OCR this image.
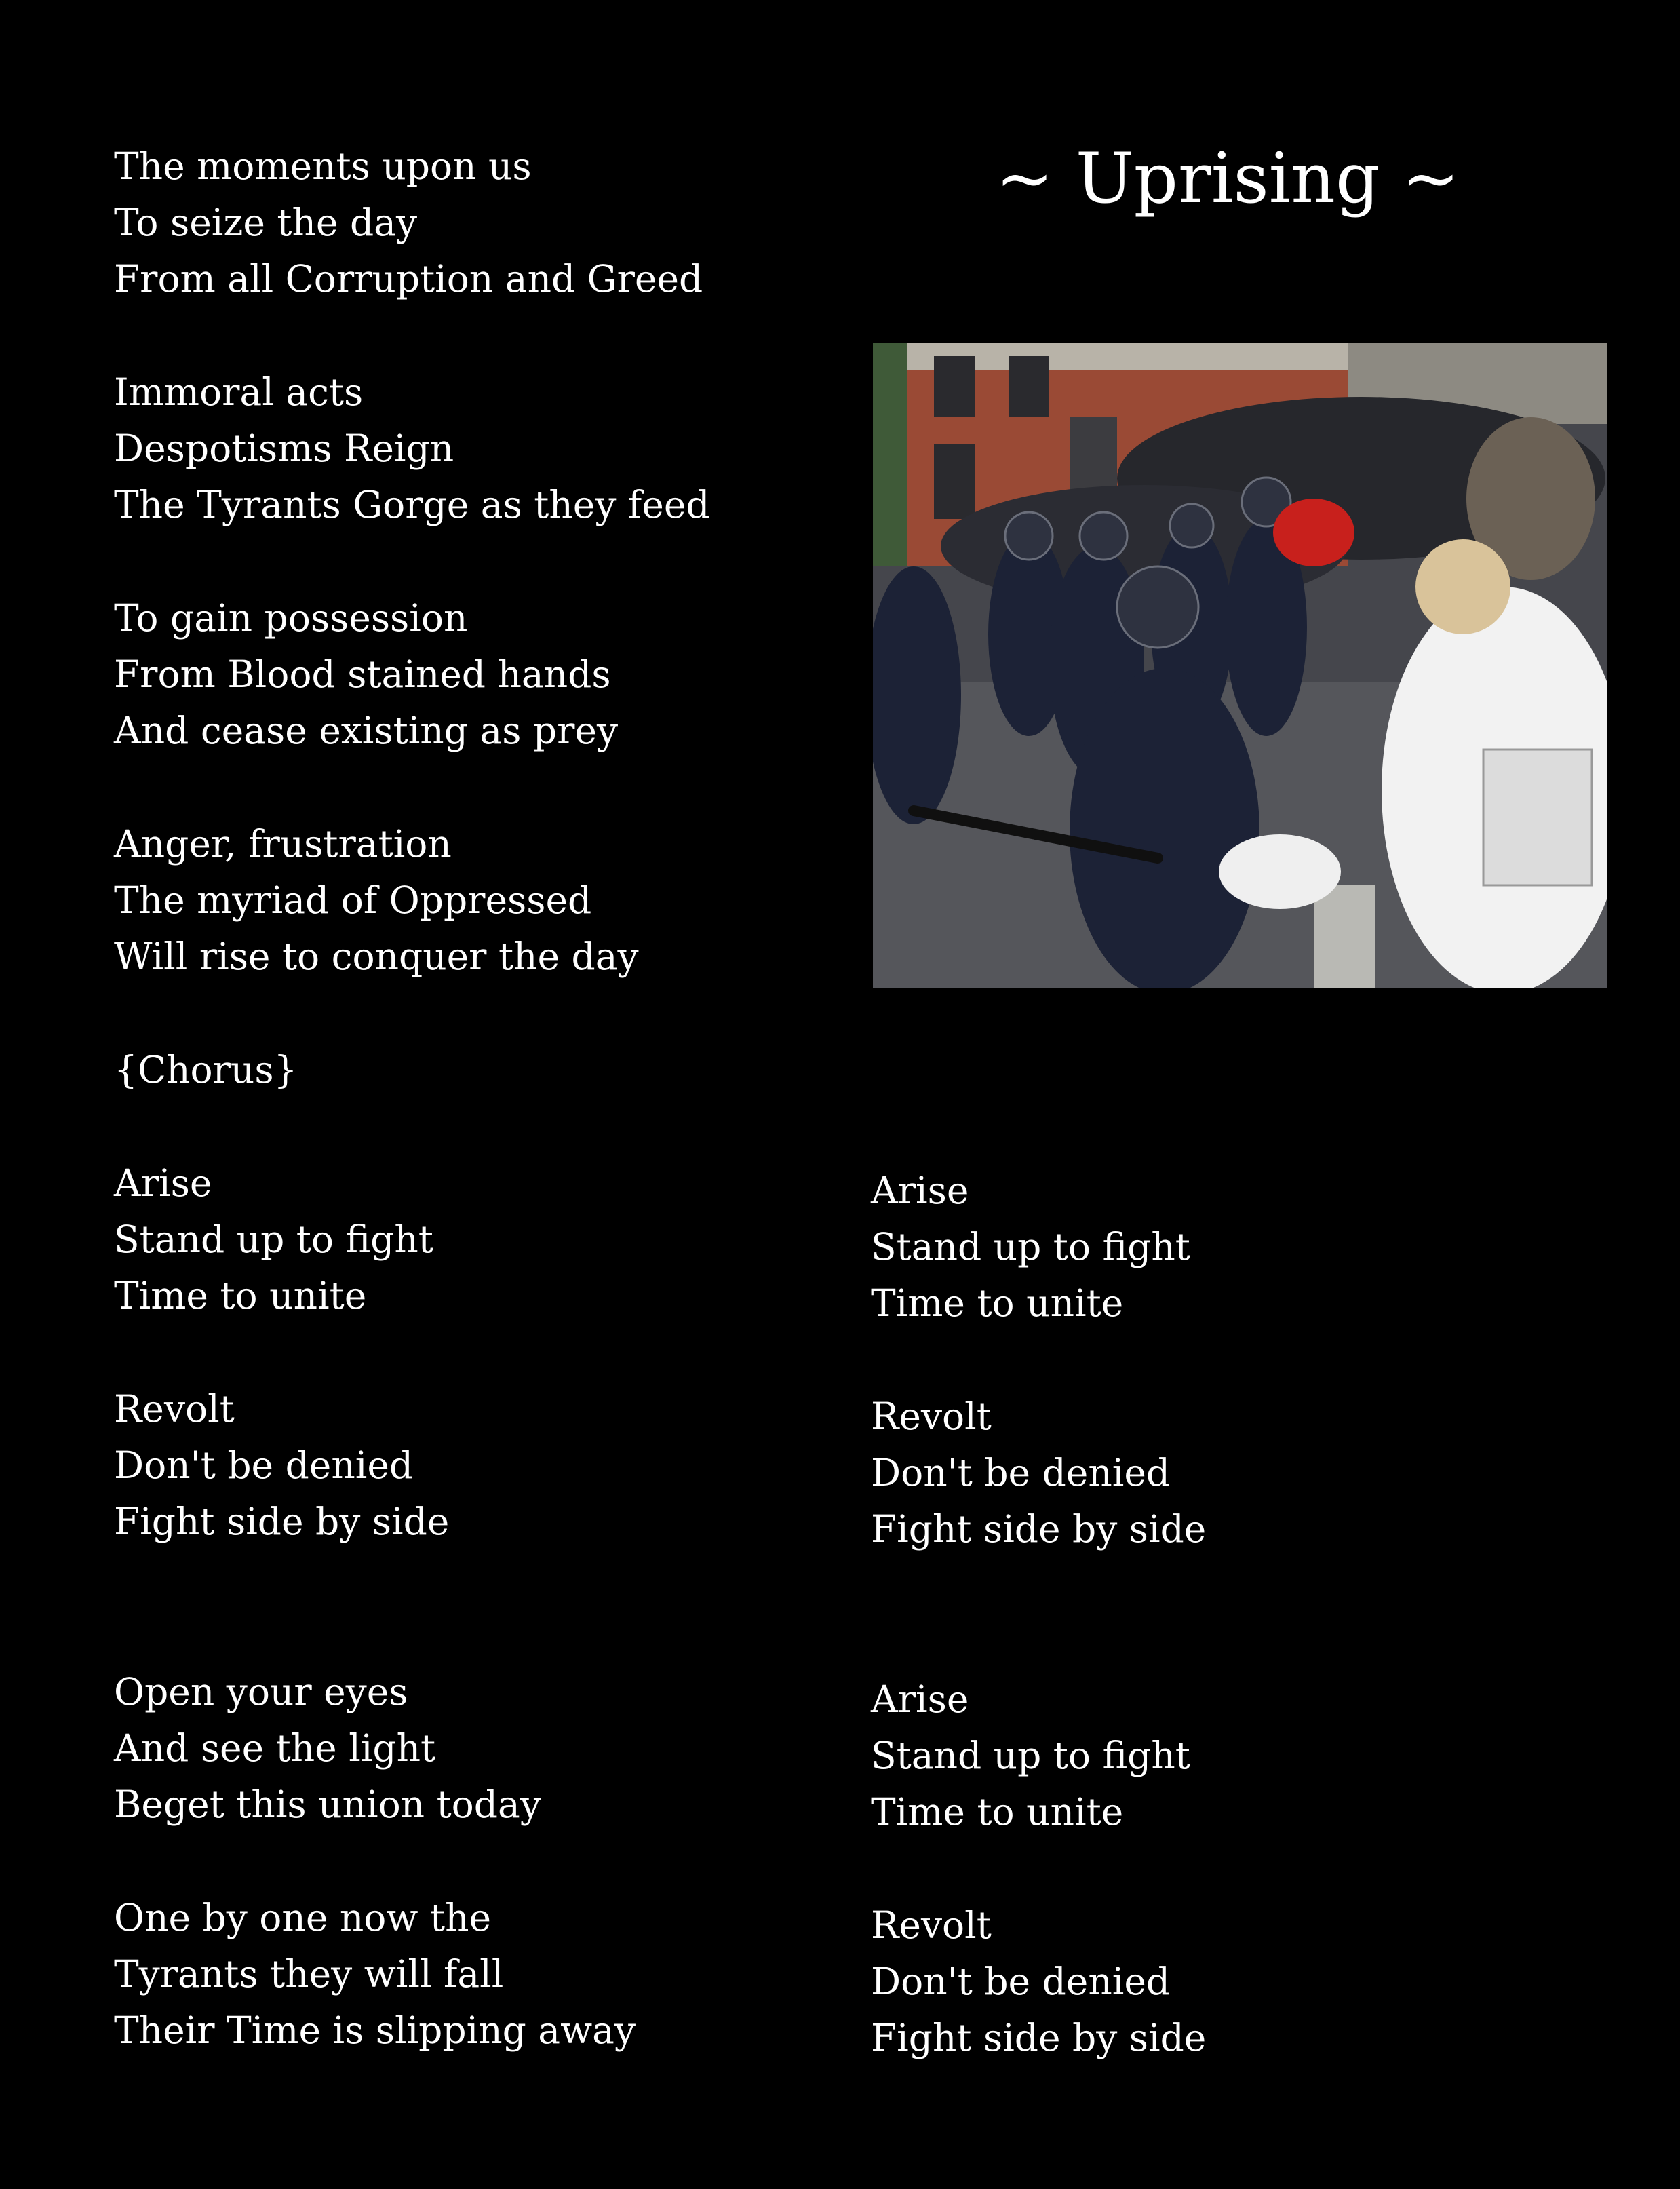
~ Uprising ~
The moments upon us
To seize the day
From all Corruption and Greed
Immoral acts
Despotisms Reign
The Tyrants Gorge as they feed
To gain possession
From Blood stained hands
And cease existing as prey
Anger, frustration
The myriad of Oppressed
Will rise to conquer the day
{Chorus}
Arise
Stand up to fight
Time to unite
Revolt
Don't be denied
Fight side by side
Open your eyes
And see the light
Beget this union today
One by one now the
Tyrants they will fall
Their Time is slipping away
Arise
Stand up to fight
Time to unite
Revolt
Don't be denied
Fight side by side
Arise
Stand up to fight
Time to unite
Revolt
Don't be denied
Fight side by side
